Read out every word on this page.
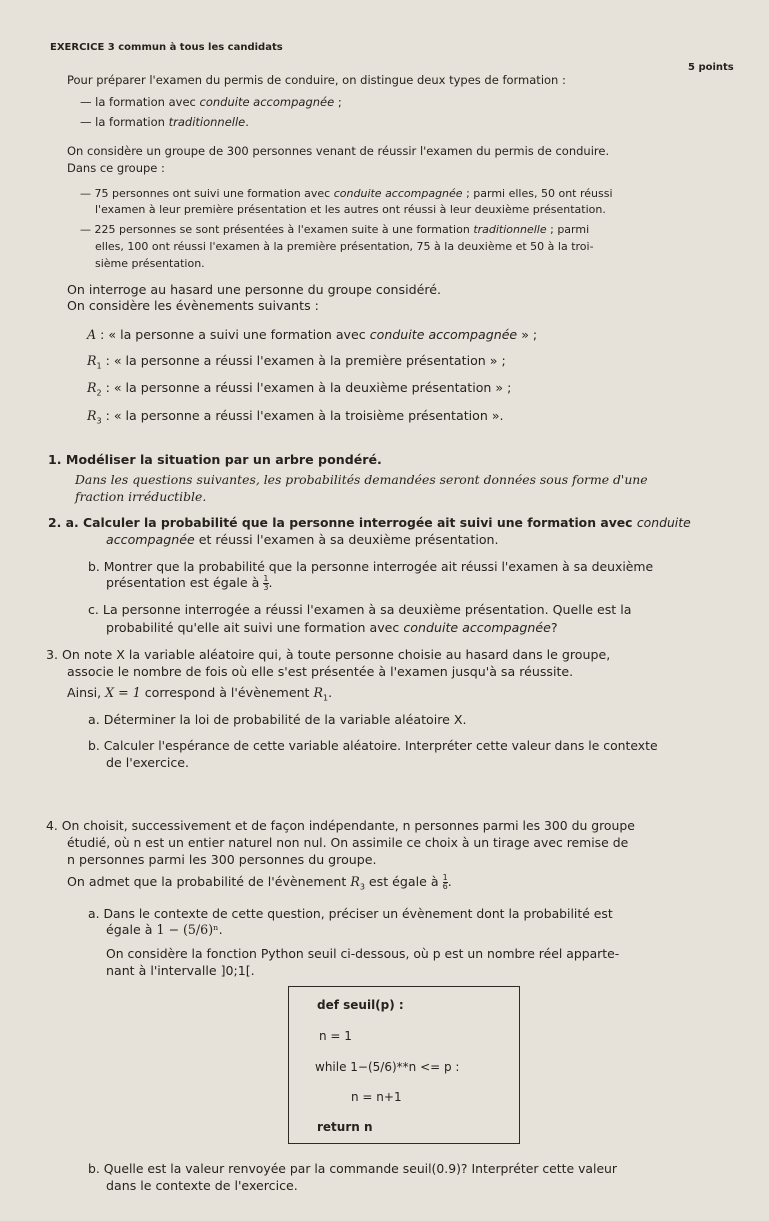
EXERCICE 3 commun à tous les candidats
5 points
Pour préparer l'examen du permis de conduire, on distingue deux types de formation :
— la formation avec conduite accompagnée ;
— la formation traditionnelle.
On considère un groupe de 300 personnes venant de réussir l'examen du permis de conduire.
Dans ce groupe :
— 75 personnes ont suivi une formation avec conduite accompagnée ; parmi elles, 50 ont réussi
l'examen à leur première présentation et les autres ont réussi à leur deuxième présentation.
— 225 personnes se sont présentées à l'examen suite à une formation traditionnelle ; parmi
elles, 100 ont réussi l'examen à la première présentation, 75 à la deuxième et 50 à la troi-
sième présentation.
On interroge au hasard une personne du groupe considéré.
On considère les évènements suivants :
A : « la personne a suivi une formation avec conduite accompagnée » ;
$R_1$ : « la personne a réussi l'examen à la première présentation » ;
$R_2$ : « la personne a réussi l'examen à la deuxième présentation » ;
$R_3$ : « la personne a réussi l'examen à la troisième présentation ».
1. Modéliser la situation par un arbre pondéré.
Dans les questions suivantes, les probabilités demandées seront données sous forme d'une
fraction irréductible.
2. a. Calculer la probabilité que la personne interrogée ait suivi une formation avec conduite
accompagnée et réussi l'examen à sa deuxième présentation.
b. Montrer que la probabilité que la personne interrogée ait réussi l'examen à sa deuxième
présentation est égale à $\frac{1}{3}$ .
c. La personne interrogée a réussi l'examen à sa deuxième présentation. Quelle est la
probabilité qu'elle ait suivi une formation avec conduite accompagnée?
3. On note X la variable aléatoire qui, à toute personne choisie au hasard dans le groupe,
associe le nombre de fois où elle s'est présentée à l'examen jusqu'à sa réussite.
Ainsi, X = 1 correspond à l'évènement $R_1$.
a. Déterminer la loi de probabilité de la variable aléatoire X.
b. Calculer l'espérance de cette variable aléatoire. Interpréter cette valeur dans le contexte
de l'exercice.
4. On choisit, successivement et de façon indépendante, n personnes parmi les 300 du groupe
étudié, où n est un entier naturel non nul. On assimile ce choix à un tirage avec remise de
n personnes parmi les 300 personnes du groupe.
On admet que la probabilité de l'évènement $R_3$ est égale à $\frac{1}{6}$ .
a. Dans le contexte de cette question, préciser un évènement dont la probabilité est
égale à 1 − (5/6)ⁿ.
On considère la fonction Python seuil ci-dessous, où p est un nombre réel apparte-
nant à l'intervalle ]0;1[.
def seuil(p) :
n = 1
while 1−(5/6)**n <= p :
n = n+1
return n
b. Quelle est la valeur renvoyée par la commande seuil(0.9)? Interpréter cette valeur
dans le contexte de l'exercice.
